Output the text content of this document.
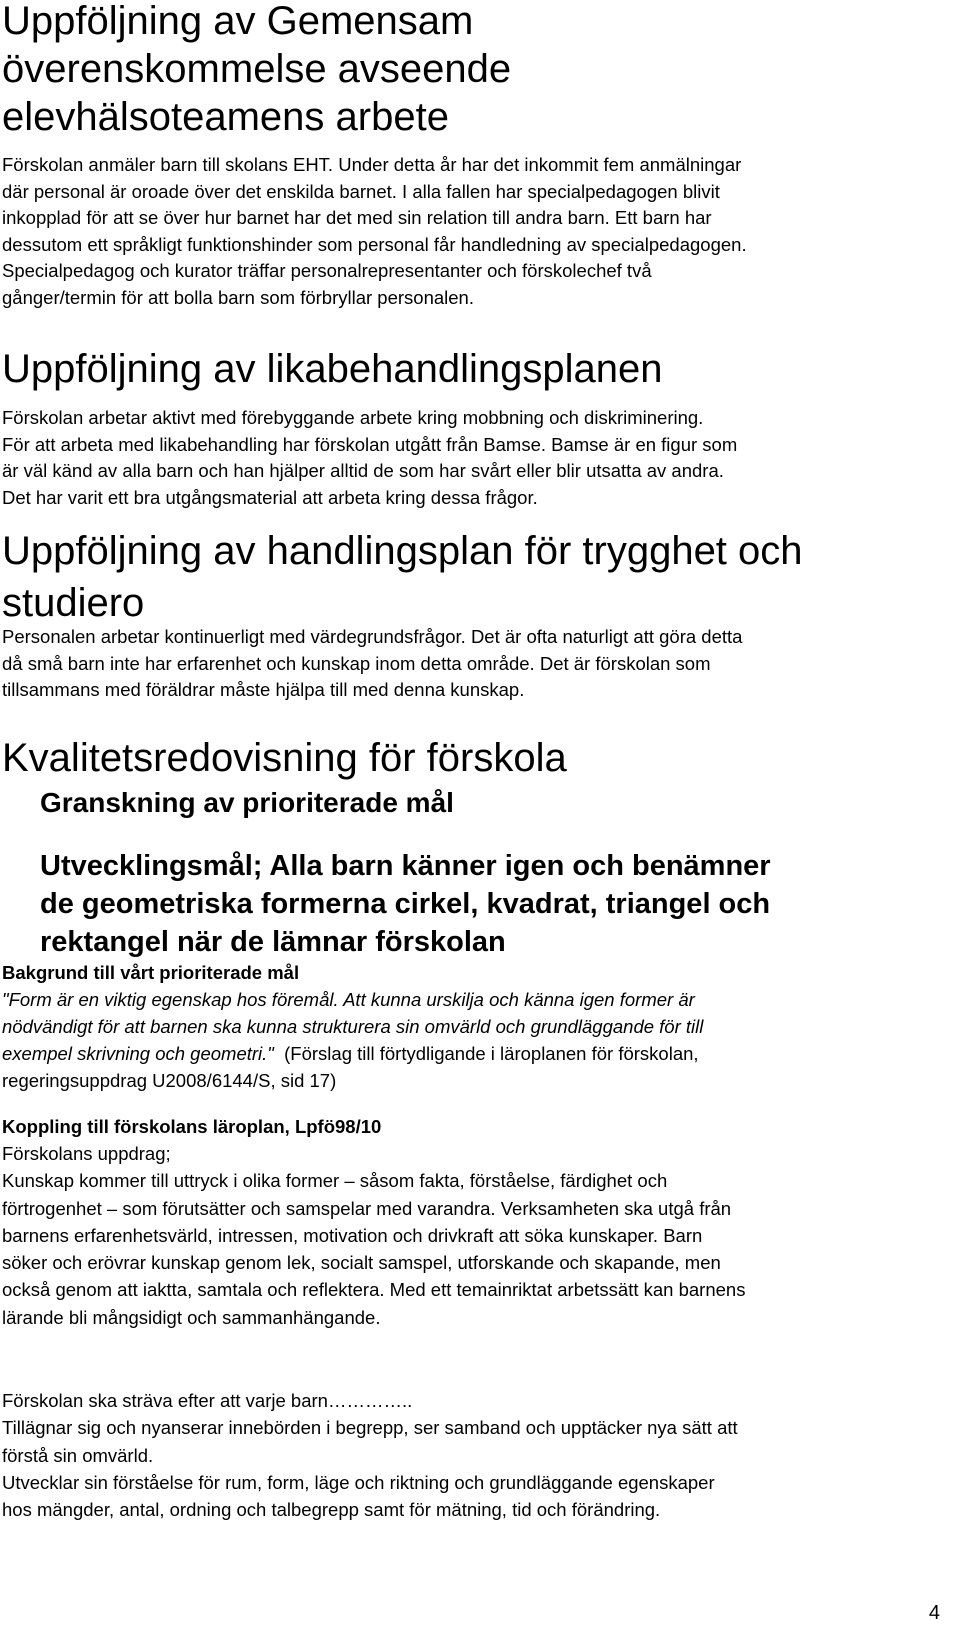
Uppföljning av Gemensam
överenskommelse avseende
elevhälsoteamens arbete
Förskolan anmäler barn till skolans EHT. Under detta år har det inkommit fem anmälningar
där personal är oroade över det enskilda barnet. I alla fallen har specialpedagogen blivit
inkopplad för att se över hur barnet har det med sin relation till andra barn. Ett barn har
dessutom ett språkligt funktionshinder som personal får handledning av specialpedagogen.
Specialpedagog och kurator träffar personalrepresentanter och förskolechef två
gånger/termin för att bolla barn som förbryllar personalen.
Uppföljning av likabehandlingsplanen
Förskolan arbetar aktivt med förebyggande arbete kring mobbning och diskriminering.
För att arbeta med likabehandling har förskolan utgått från Bamse. Bamse är en figur som
är väl känd av alla barn och han hjälper alltid de som har svårt eller blir utsatta av andra.
Det har varit ett bra utgångsmaterial att arbeta kring dessa frågor.
Uppföljning av handlingsplan för trygghet och
studiero
Personalen arbetar kontinuerligt med värdegrundsfrågor. Det är ofta naturligt att göra detta
då små barn inte har erfarenhet och kunskap inom detta område. Det är förskolan som
tillsammans med föräldrar måste hjälpa till med denna kunskap.
Kvalitetsredovisning för förskola
Granskning av prioriterade mål
Utvecklingsmål; Alla barn känner igen och benämner
de geometriska formerna cirkel, kvadrat, triangel och
rektangel när de lämnar förskolan
Bakgrund till vårt prioriterade mål
"Form är en viktig egenskap hos föremål. Att kunna urskilja och känna igen former är
nödvändigt för att barnen ska kunna strukturera sin omvärld och grundläggande för till
exempel skrivning och geometri."  (Förslag till förtydligande i läroplanen för förskolan,
regeringsuppdrag U2008/6144/S, sid 17)
Koppling till förskolans läroplan, Lpfö98/10
Förskolans uppdrag;
Kunskap kommer till uttryck i olika former – såsom fakta, förståelse, färdighet och
förtrogenhet – som förutsätter och samspelar med varandra. Verksamheten ska utgå från
barnens erfarenhetsvärld, intressen, motivation och drivkraft att söka kunskaper. Barn
söker och erövrar kunskap genom lek, socialt samspel, utforskande och skapande, men
också genom att iaktta, samtala och reflektera. Med ett temainriktat arbetssätt kan barnens
lärande bli mångsidigt och sammanhängande.
Förskolan ska sträva efter att varje barn…………..
Tillägnar sig och nyanserar innebörden i begrepp, ser samband och upptäcker nya sätt att
förstå sin omvärld.
Utvecklar sin förståelse för rum, form, läge och riktning och grundläggande egenskaper
hos mängder, antal, ordning och talbegrepp samt för mätning, tid och förändring.
4
